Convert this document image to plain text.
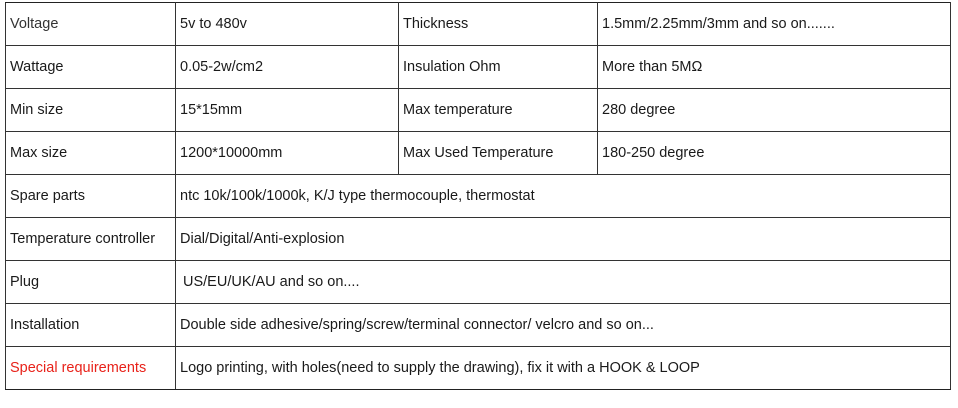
Voltage	5v to 480v	Thickness	1.5mm/2.25mm/3mm and so on.......
Wattage	0.05-2w/cm2	Insulation Ohm	More than 5MΩ
Min size	15*15mm	Max temperature	280 degree
Max size	1200*10000mm	Max Used Temperature	180-250 degree
Spare parts	ntc 10k/100k/1000k, K/J type thermocouple, thermostat		
Temperature controller	Dial/Digital/Anti-explosion		
Plug	US/EU/UK/AU and so on....		
Installation	Double side adhesive/spring/screw/terminal connector/ velcro and so on...		
Special requirements	Logo printing, with holes(need to supply the drawing), fix it with a HOOK & LOOP		
